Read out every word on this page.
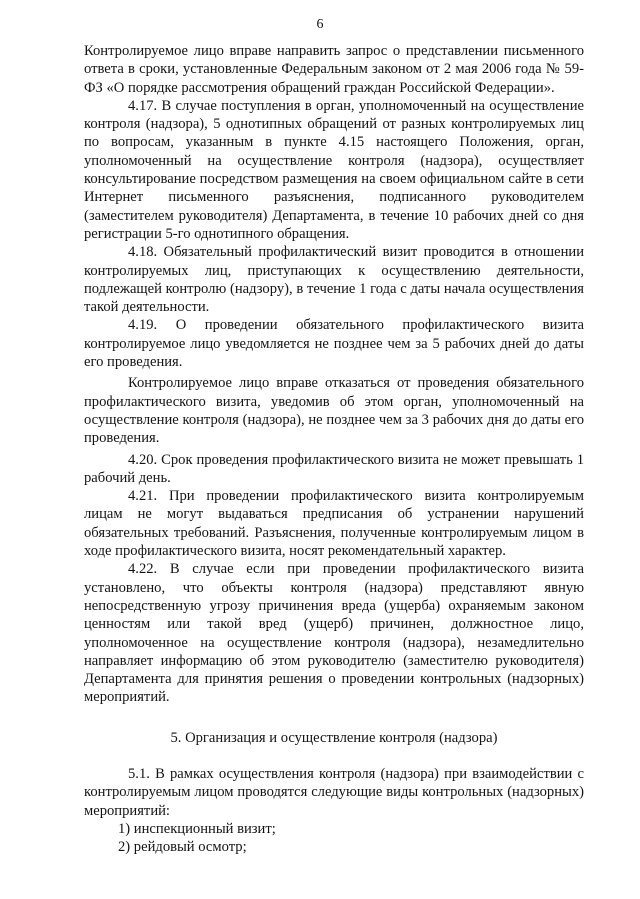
6

Контролируемое лицо вправе направить запрос о представлении письменного ответа в сроки, установленные Федеральным законом от 2 мая 2006 года № 59-ФЗ «О порядке рассмотрения обращений граждан Российской Федерации».

4.17. В случае поступления в орган, уполномоченный на осуществление контроля (надзора), 5 однотипных обращений от разных контролируемых лиц по вопросам, указанным в пункте 4.15 настоящего Положения, орган, уполномоченный на осуществление контроля (надзора), осуществляет консультирование посредством размещения на своем официальном сайте в сети Интернет письменного разъяснения, подписанного руководителем (заместителем руководителя) Департамента, в течение 10 рабочих дней со дня регистрации 5-го однотипного обращения.

4.18. Обязательный профилактический визит проводится в отношении контролируемых лиц, приступающих к осуществлению деятельности, подлежащей контролю (надзору), в течение 1 года с даты начала осуществления такой деятельности.

4.19. О проведении обязательного профилактического визита контролируемое лицо уведомляется не позднее чем за 5 рабочих дней до даты его проведения.

Контролируемое лицо вправе отказаться от проведения обязательного профилактического визита, уведомив об этом орган, уполномоченный на осуществление контроля (надзора), не позднее чем за 3 рабочих дня до даты его проведения.

4.20. Срок проведения профилактического визита не может превышать 1 рабочий день.

4.21. При проведении профилактического визита контролируемым лицам не могут выдаваться предписания об устранении нарушений обязательных требований. Разъяснения, полученные контролируемым лицом в ходе профилактического визита, носят рекомендательный характер.

4.22. В случае если при проведении профилактического визита установлено, что объекты контроля (надзора) представляют явную непосредственную угрозу причинения вреда (ущерба) охраняемым законом ценностям или такой вред (ущерб) причинен, должностное лицо, уполномоченное на осуществление контроля (надзора), незамедлительно направляет информацию об этом руководителю (заместителю руководителя) Департамента для принятия решения о проведении контрольных (надзорных) мероприятий.

5. Организация и осуществление контроля (надзора)

5.1. В рамках осуществления контроля (надзора) при взаимодействии с контролируемым лицом проводятся следующие виды контрольных (надзорных) мероприятий:

1) инспекционный визит;

2) рейдовый осмотр;
